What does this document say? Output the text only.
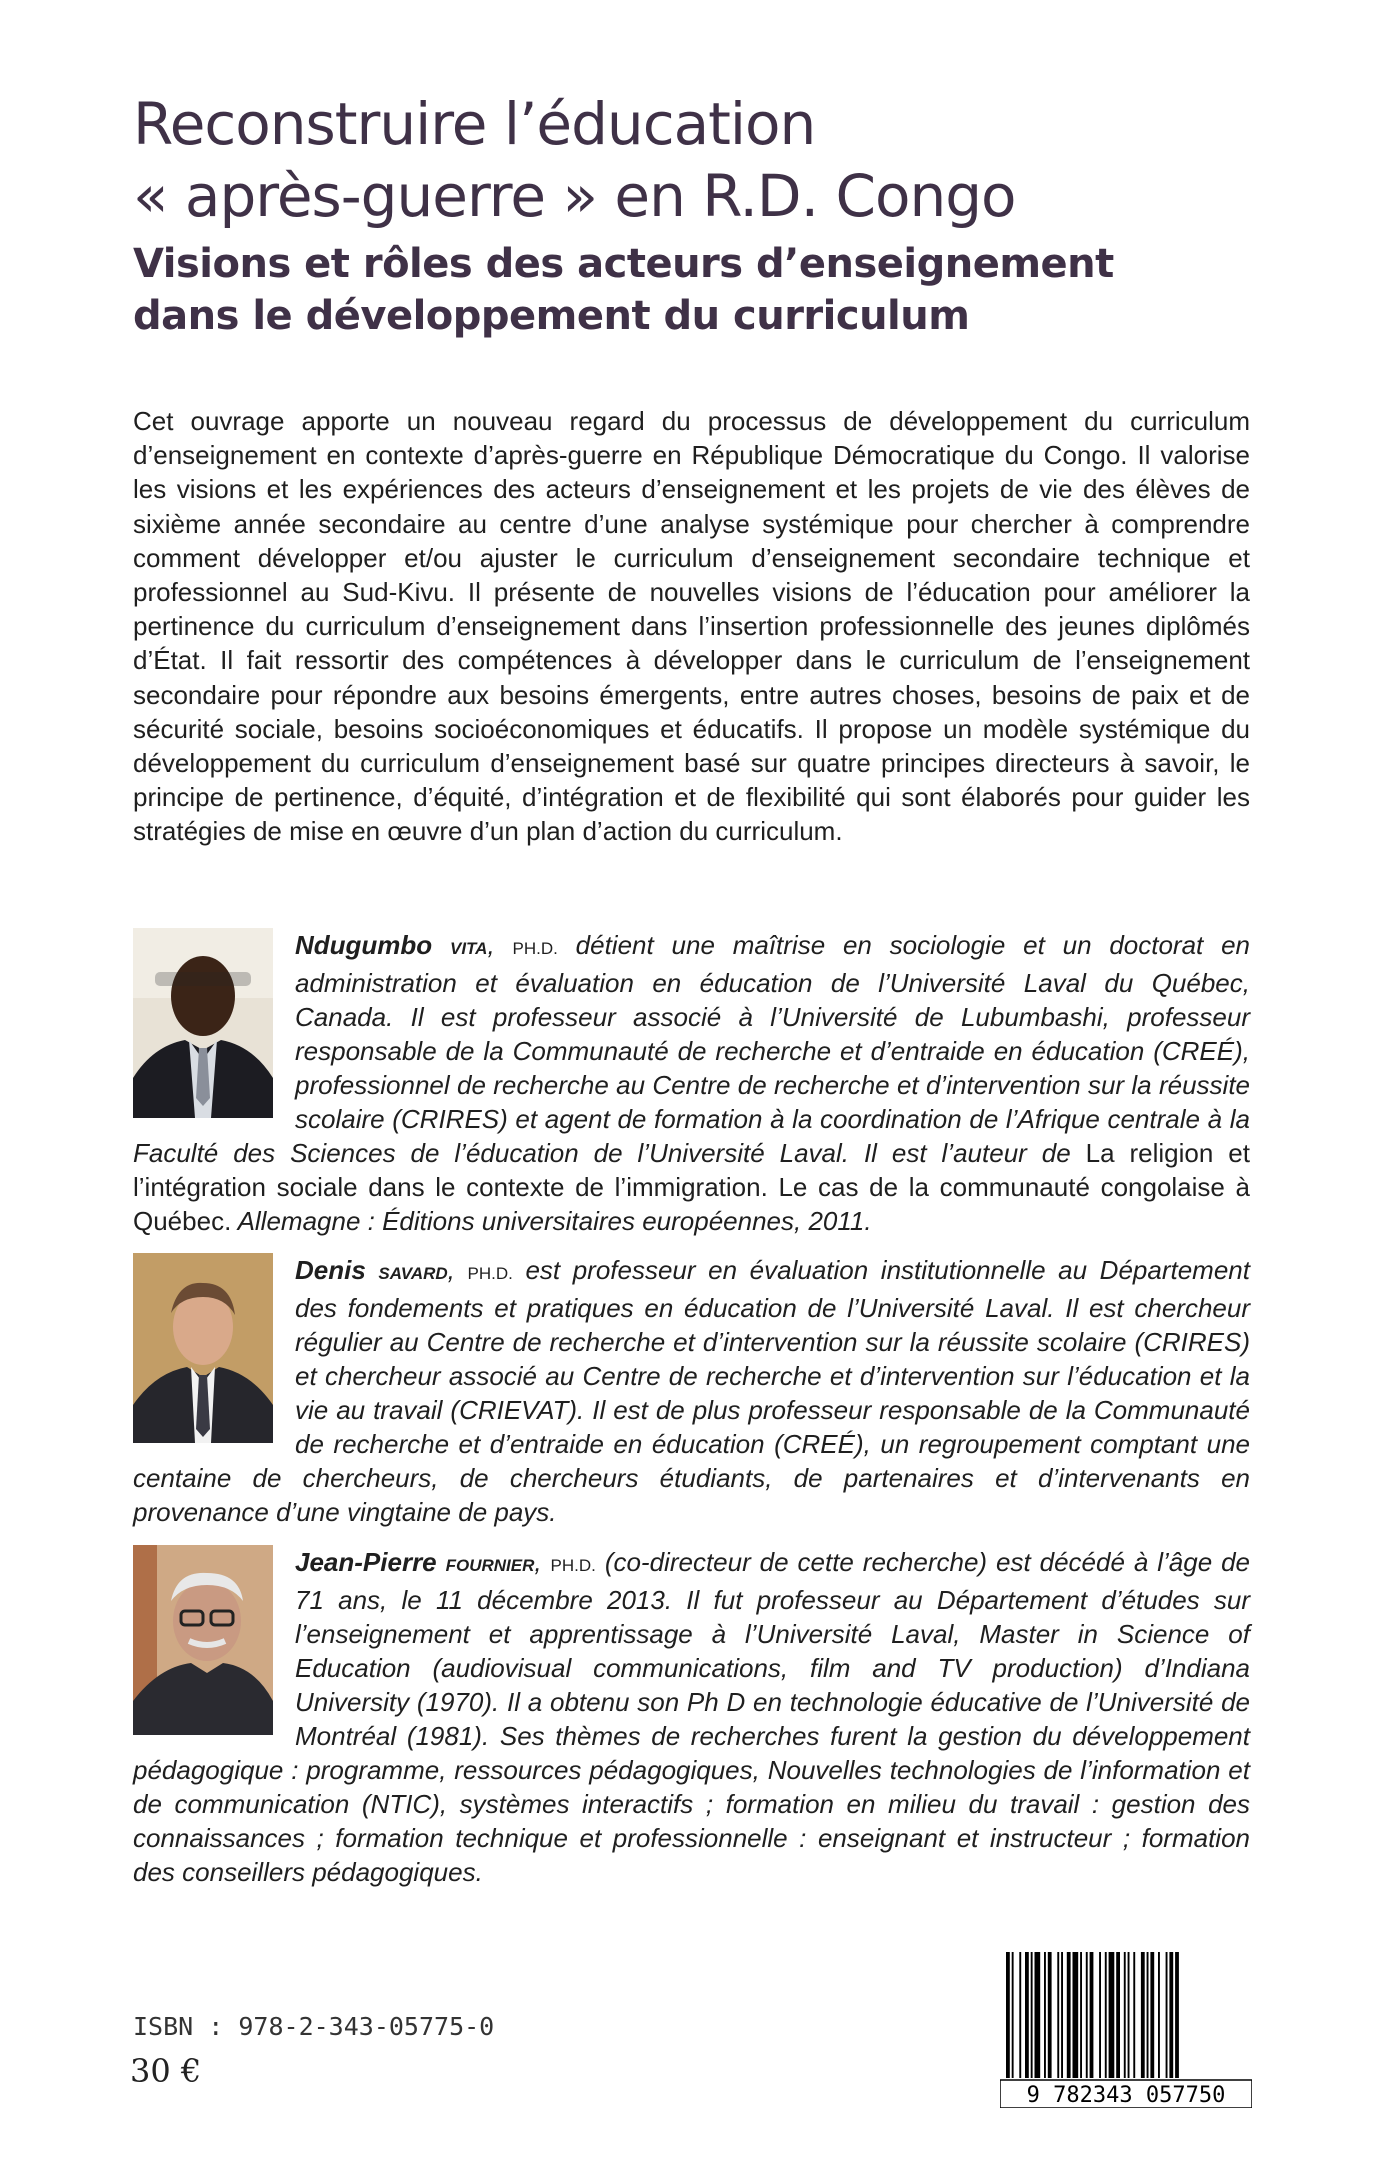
Reconstruire l’éducation
« après-guerre » en R.D. Congo
Visions et rôles des acteurs d’enseignement
dans le développement du curriculum
Cet ouvrage apporte un nouveau regard du processus de développement du curriculum d’enseignement en contexte d’après-guerre en République Démocratique du Congo. Il valorise les visions et les expériences des acteurs d’enseignement et les projets de vie des élèves de sixième année secondaire au centre d’une analyse systémique pour chercher à comprendre comment développer et/ou ajuster le curriculum d’enseignement secondaire technique et professionnel au Sud-Kivu. Il présente de nouvelles visions de l’éducation pour améliorer la pertinence du curriculum d’enseignement dans l’insertion professionnelle des jeunes diplômés d’État. Il fait ressortir des compétences à développer dans le curriculum de l’enseignement secondaire pour répondre aux besoins émergents, entre autres choses, besoins de paix et de sécurité sociale, besoins socioéconomiques et éducatifs. Il propose un modèle systémique du développement du curriculum d’enseignement basé sur quatre principes directeurs à savoir, le principe de pertinence, d’équité, d’intégration et de flexibilité qui sont élaborés pour guider les stratégies de mise en œuvre d’un plan d’action du curriculum.
Ndugumbo VITA, PH.D. détient une maîtrise en sociologie et un doctorat en administration et évaluation en éducation de l’Université Laval du Québec, Canada. Il est professeur associé à l’Université de Lubumbashi, professeur responsable de la Communauté de recherche et d’entraide en éducation (CREÉ), professionnel de recherche au Centre de recherche et d’intervention sur la réussite scolaire (CRIRES) et agent de formation à la coordination de l’Afrique centrale à la Faculté des Sciences de l’éducation de l’Université Laval. Il est l’auteur de La religion et l’intégration sociale dans le contexte de l’immigration. Le cas de la communauté congolaise à Québec. Allemagne : Éditions universitaires européennes, 2011.
Denis SAVARD, PH.D. est professeur en évaluation institutionnelle au Département des fondements et pratiques en éducation de l’Université Laval. Il est chercheur régulier au Centre de recherche et d’intervention sur la réussite scolaire (CRIRES) et chercheur associé au Centre de recherche et d’intervention sur l’éducation et la vie au travail (CRIEVAT). Il est de plus professeur responsable de la Communauté de recherche et d’entraide en éducation (CREÉ), un regroupement comptant une centaine de chercheurs, de chercheurs étudiants, de partenaires et d’intervenants en provenance d’une vingtaine de pays.
Jean-Pierre FOURNIER, PH.D. (co-directeur de cette recherche) est décédé à l’âge de 71 ans, le 11 décembre 2013. Il fut professeur au Département d’études sur l’enseignement et apprentissage à l’Université Laval, Master in Science of Education (audiovisual communications, film and TV production) d’Indiana University (1970). Il a obtenu son Ph D en technologie éducative de l’Université de Montréal (1981). Ses thèmes de recherches furent la gestion du développement pédagogique : programme, ressources pédagogiques, Nouvelles technologies de l’information et de communication (NTIC), systèmes interactifs ; formation en milieu du travail : gestion des connaissances ; formation technique et professionnelle : enseignant et instructeur ; formation des conseillers pédagogiques.
ISBN : 978-2-343-05775-0
30 €
9 782343 057750
